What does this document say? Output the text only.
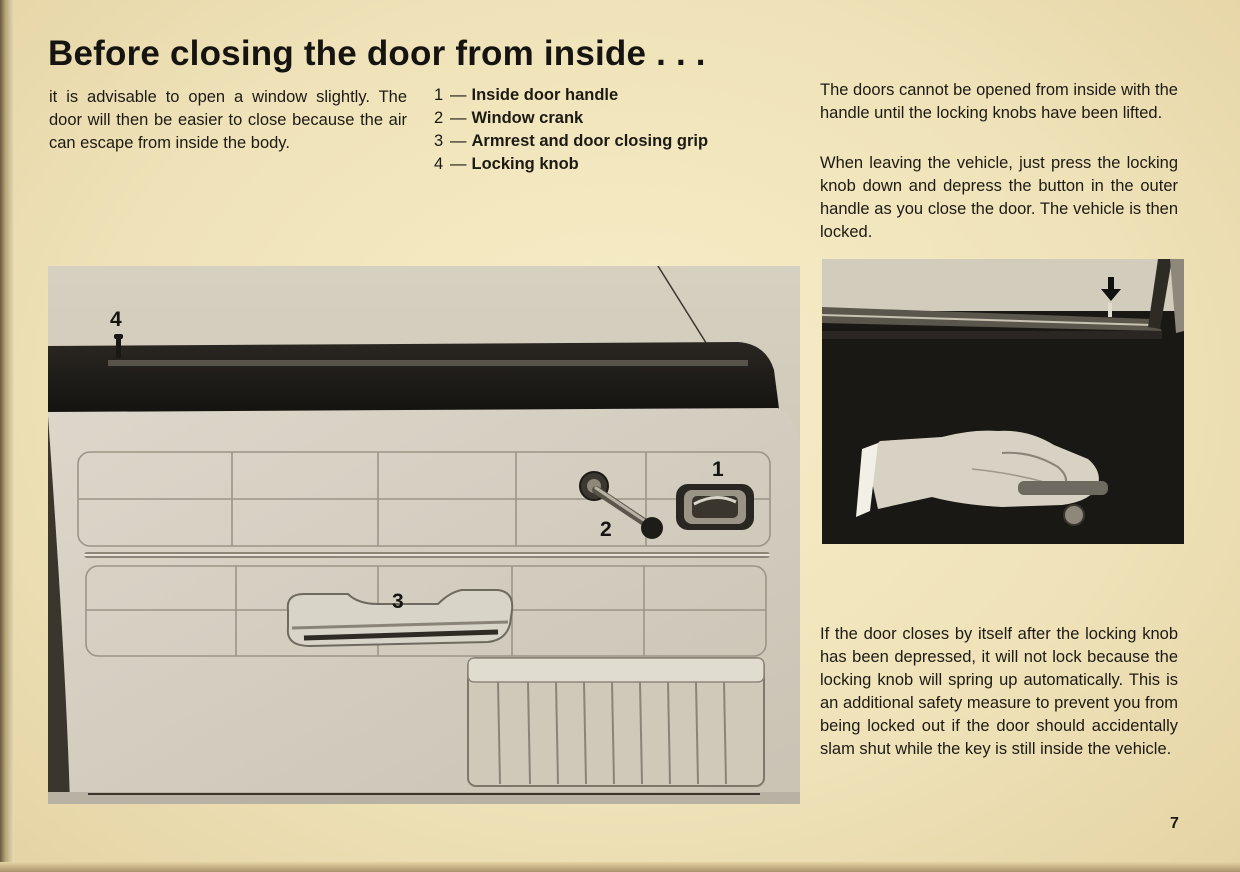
Before closing the door from inside . . .

it is advisable to open a window slightly. The door will then be easier to close because the air can escape from inside the body.

1 — Inside door handle
2 — Window crank
3 — Armrest and door closing grip
4 — Locking knob

The doors cannot be opened from inside with the handle until the locking knobs have been lifted.

When leaving the vehicle, just press the locking knob down and depress the button in the outer handle as you close the door. The vehicle is then locked.

4
1
2
3

If the door closes by itself after the locking knob has been depressed, it will not lock because the locking knob will spring up automatically. This is an additional safety measure to prevent you from being locked out if the door should accidentally slam shut while the key is still inside the vehicle.

7
